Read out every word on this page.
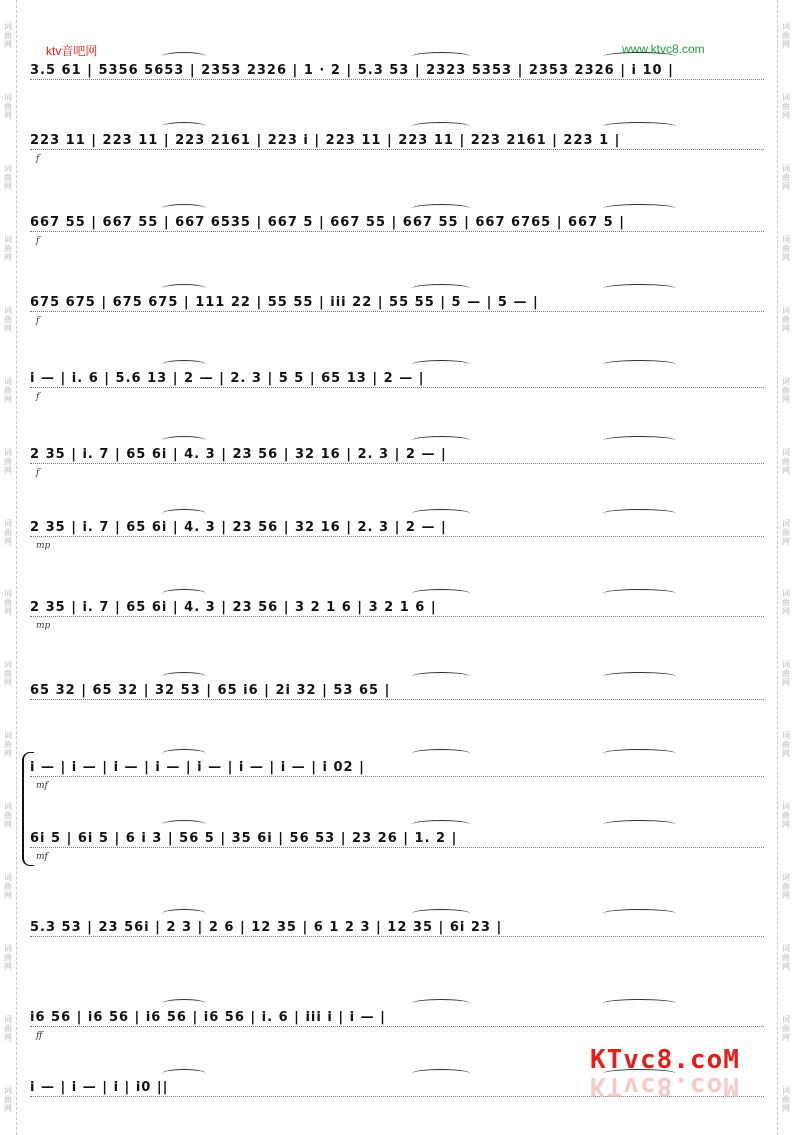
词曲网
词曲网
词曲网
词曲网
词曲网
词曲网
词曲网
词曲网
词曲网
词曲网
词曲网
词曲网
词曲网
词曲网
词曲网
词曲网
词曲网
词曲网
词曲网
词曲网
词曲网
词曲网
词曲网
词曲网
词曲网
词曲网
词曲网
词曲网
词曲网
词曲网
词曲网
词曲网
ktv音吧网	www.ktvc8.com
3.5 61 | 5356 5653 | 2353 2326 | 1 · 2 | 5.3 53 | 2323 5353 | 2353 2326 | i 10 |
223 11 | 223 11 | 223 2161 | 223 i | 223 11 | 223 11 | 223 2161 | 223 1 |
f
667 55 | 667 55 | 667 6535 | 667 5 | 667 55 | 667 55 | 667 6765 | 667 5 |
f
675 675 | 675 675 | 111 22 | 55 55 | iii 22 | 55 55 | 5 — | 5 — |
f
i — | i. 6 | 5.6 13 | 2 — | 2. 3 | 5 5 | 65 13 | 2 — |
f
2 35 | i. 7 | 65 6i | 4. 3 | 23 56 | 32 16 | 2. 3 | 2 — |
f
2 35 | i. 7 | 65 6i | 4. 3 | 23 56 | 32 16 | 2. 3 | 2 — |
mp
2 35 | i. 7 | 65 6i | 4. 3 | 23 56 | 3 2 1 6 | 3 2 1 6 |
mp
65 32 | 65 32 | 32 53 | 65 i6 | 2i 32 | 53 65 |
i — | i — | i — | i — | i — | i — | i — | i 02 |
mf
6i 5 | 6i 5 | 6 i 3 | 56 5 | 35 6i | 56 53 | 23 26 | 1. 2 |
mf
5.3 53 | 23 56i | 2 3 | 2 6 | 12 35 | 6 1 2 3 | 12 35 | 6i 23 |
i6 56 | i6 56 | i6 56 | i6 56 | i. 6 | iii i | i — |
ff
i — | i — | i | i0 ||
KTvc8.coM
KTvc8.coM
